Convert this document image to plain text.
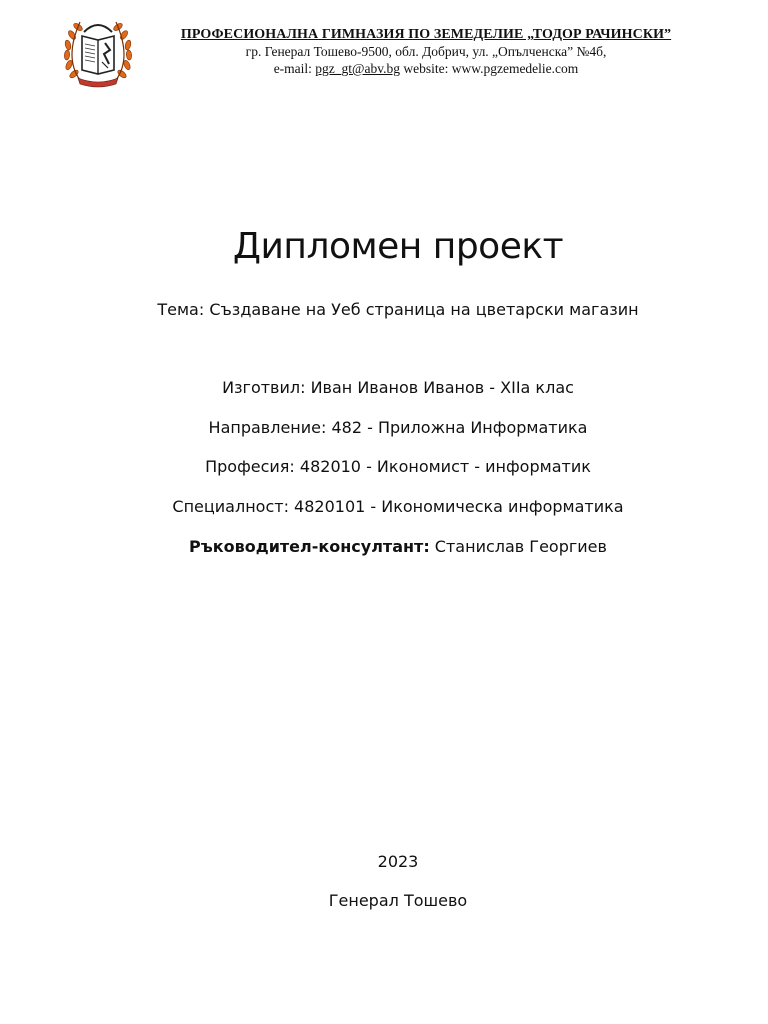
ПРОФЕСИОНАЛНА ГИМНАЗИЯ ПО ЗЕМЕДЕЛИЕ „ТОДОР РАЧИНСКИ”
гр. Генерал Тошево-9500, обл. Добрич, ул. „Опълченска” №4б,
e-mail: pgz_gt@abv.bg website: www.pgzemedelie.com
Дипломен проект
Тема: Създаване на Уеб страница на цветарски магазин
Изготвил: Иван Иванов Иванов - XIIa клас
Направление: 482 - Приложна Информатика
Професия: 482010 - Икономист - информатик
Специалност: 4820101 - Икономическа информатика
Ръководител-консултант: Станислав Георгиев
2023
Генерал Тошево
